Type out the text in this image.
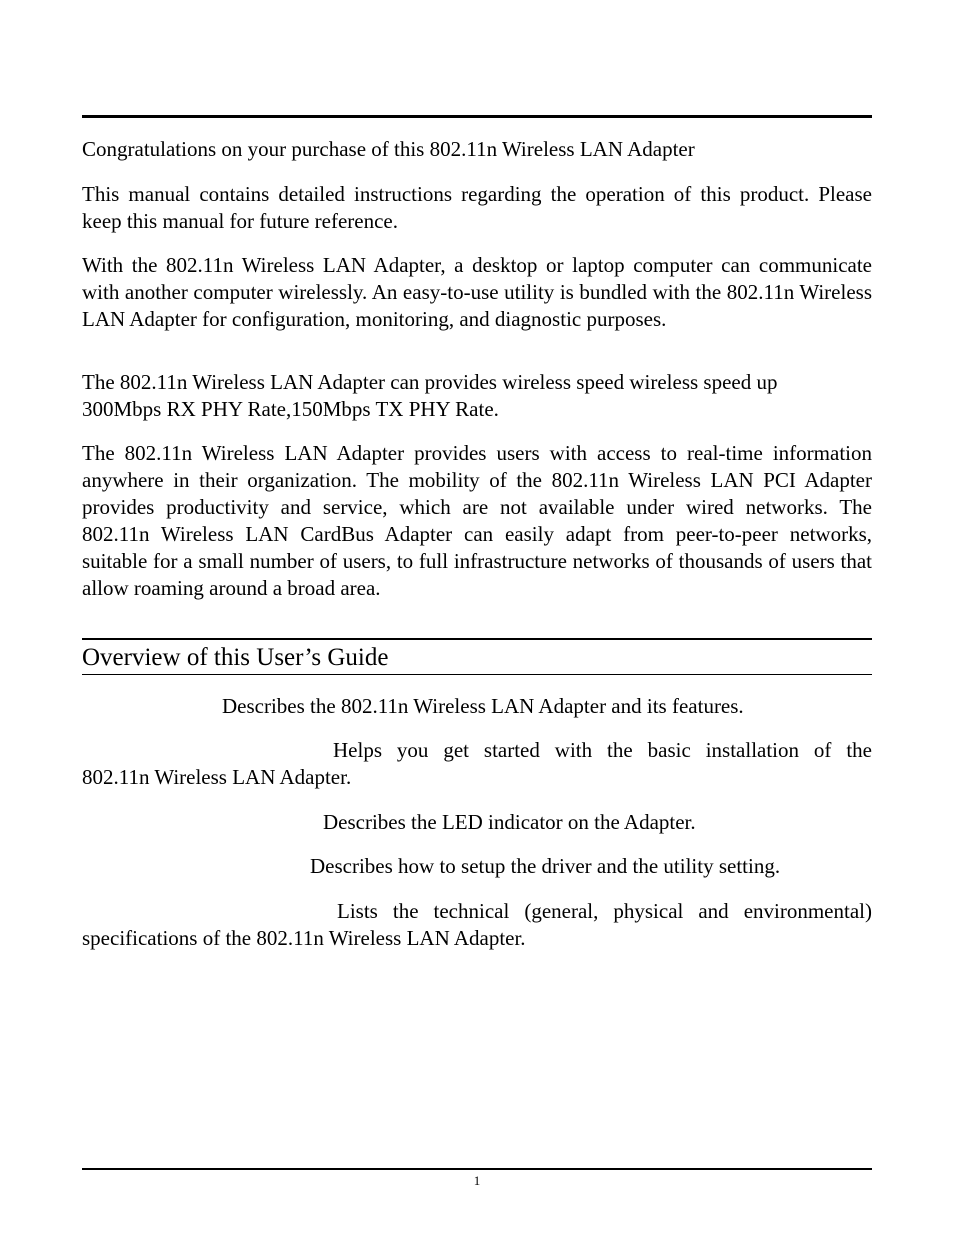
Congratulations on your purchase of this 802.11n Wireless LAN Adapter

This manual contains detailed instructions regarding the operation of this product. Please keep this manual for future reference.

With the 802.11n Wireless LAN Adapter, a desktop or laptop computer can communicate with another computer wirelessly. An easy-to-use utility is bundled with the 802.11n Wireless LAN Adapter for configuration, monitoring, and diagnostic purposes.

The 802.11n Wireless LAN Adapter can provides wireless speed wireless speed up

300Mbps RX PHY Rate,150Mbps TX PHY Rate.

The 802.11n Wireless LAN Adapter provides users with access to real-time information anywhere in their organization. The mobility of the 802.11n Wireless LAN PCI Adapter provides productivity and service, which are not available under wired networks. The 802.11n Wireless LAN CardBus Adapter can easily adapt from peer-to-peer networks, suitable for a small number of users, to full infrastructure networks of thousands of users that allow roaming around a broad area.

Overview of this User’s Guide

Describes the 802.11n Wireless LAN Adapter and its features.

Helps you get started with the basic installation of the

802.11n Wireless LAN Adapter.

Describes the LED indicator on the Adapter.

Describes how to setup the driver and the utility setting.

Lists the technical (general, physical and environmental)

specifications of the 802.11n Wireless LAN Adapter.

1
